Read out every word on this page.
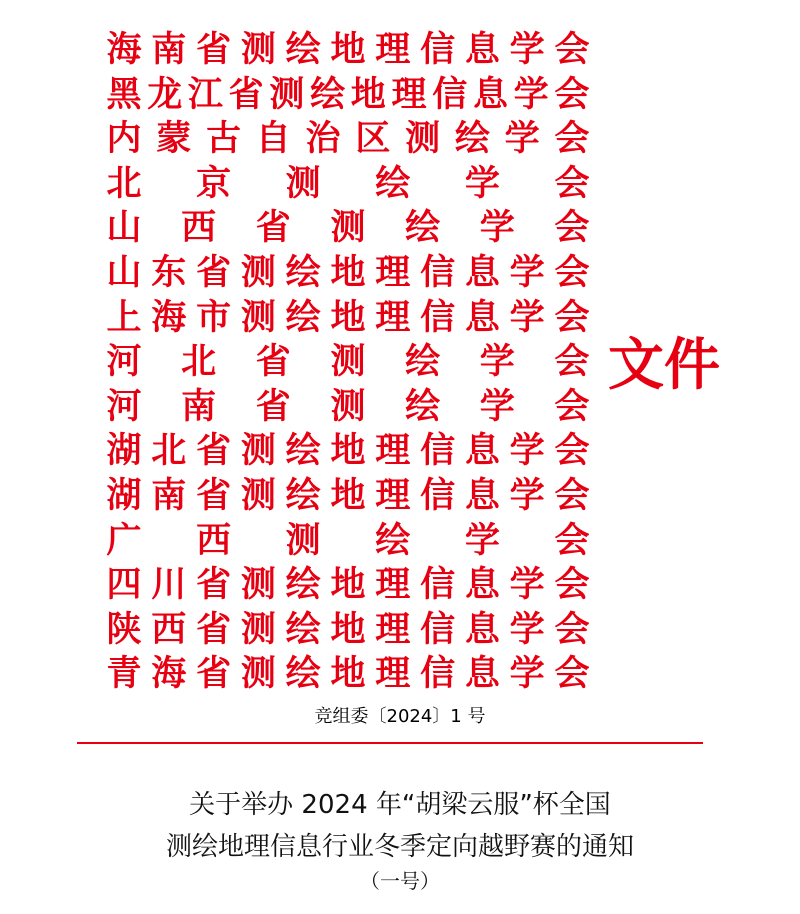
海 南 省 测 绘 地 理 信 息 学 会
黑 龙 江 省 测 绘 地 理 信 息 学 会
内 蒙 古 自 治 区 测 绘 学 会
北 京 测 绘 学 会
山 西 省 测 绘 学 会
山 东 省 测 绘 地 理 信 息 学 会
上 海 市 测 绘 地 理 信 息 学 会
河 北 省 测 绘 学 会
河 南 省 测 绘 学 会
湖 北 省 测 绘 地 理 信 息 学 会
湖 南 省 测 绘 地 理 信 息 学 会
广 西 测 绘 学 会
四 川 省 测 绘 地 理 信 息 学 会
陕 西 省 测 绘 地 理 信 息 学 会
青 海 省 测 绘 地 理 信 息 学 会
文件
竞组委〔2024〕1 号
关于举办 2024 年“胡梁云服”杯全国
测绘地理信息行业冬季定向越野赛的通知
（一号）
